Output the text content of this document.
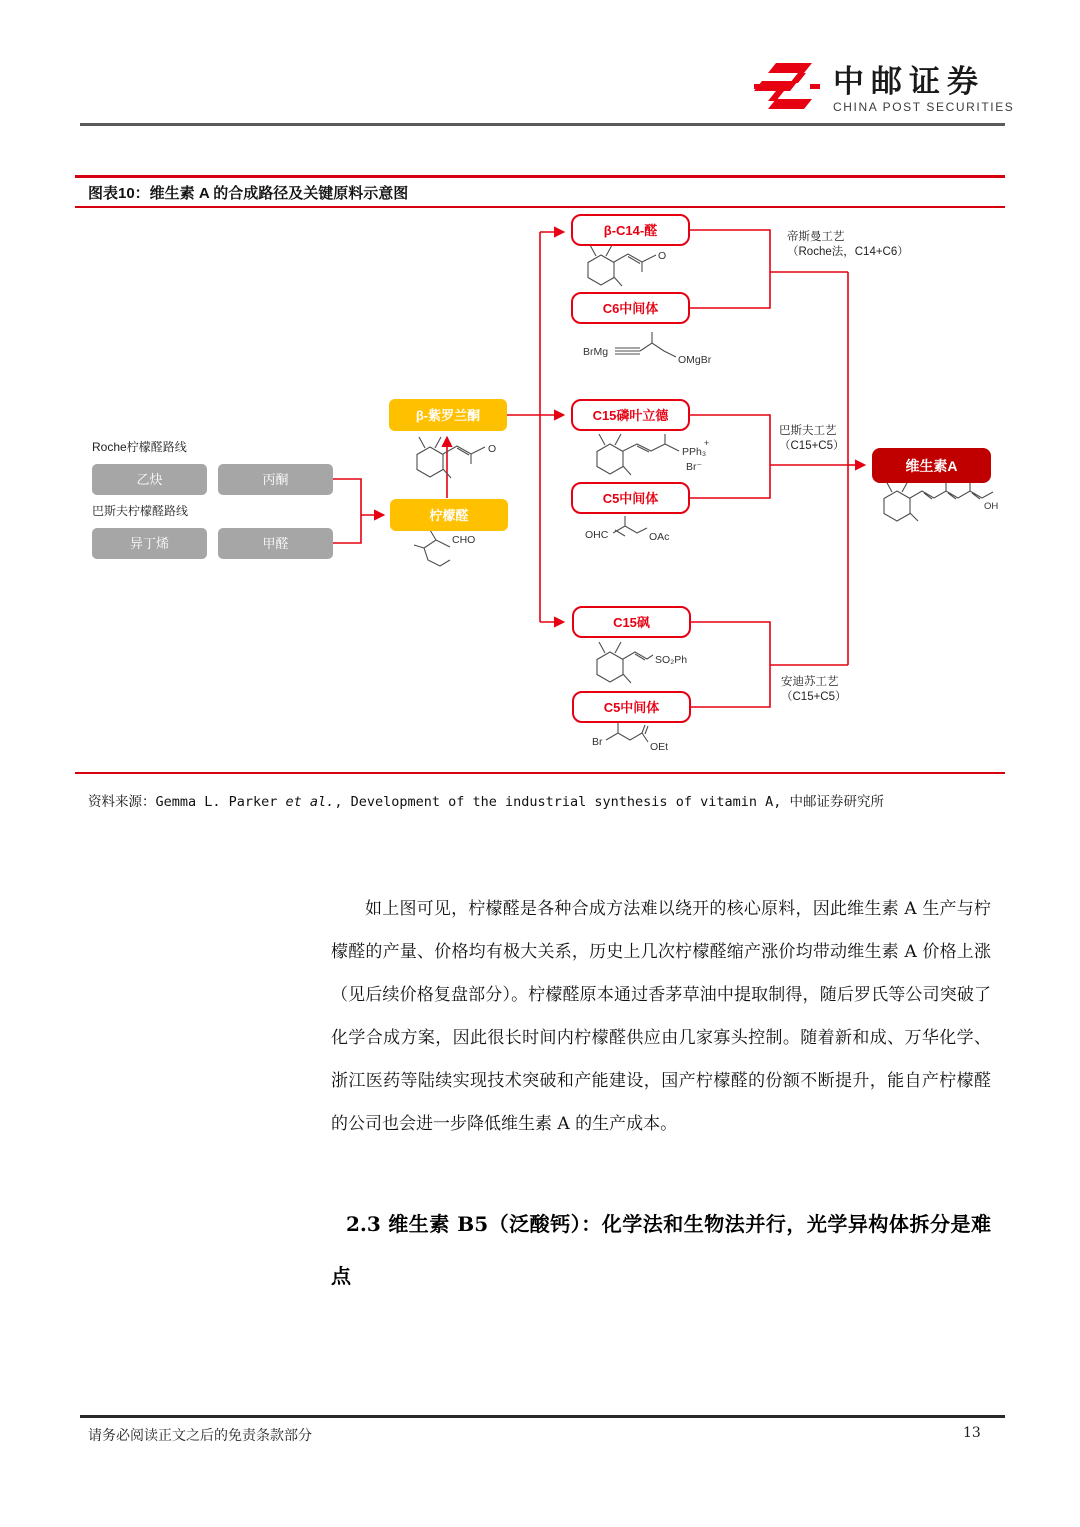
中邮证券
CHINA POST SECURITIES
图表10：维生素 A 的合成路径及关键原料示意图
O
BrMg
OMgBr
O
CHO
PPh₃
+
Br⁻
OHC	OAc
SO₂Ph
Br	OEt
OH
Roche柠檬醛路线
乙炔	丙酮
巴斯夫柠檬醛路线
异丁烯	甲醛
β-紫罗兰酮
柠檬醛
β-C14-醛
C6中间体
C15磷叶立德
C5中间体
C15砜
C5中间体
维生素A
帝斯曼工艺
（Roche法，C14+C6）
巴斯夫工艺
（C15+C5）
安迪苏工艺
（C15+C5）
资料来源：Gemma L. Parker et al., Development of the industrial synthesis of vitamin A, 中邮证券研究所
如上图可见，柠檬醛是各种合成方法难以绕开的核心原料，因此维生素 A 生产与柠檬醛的产量、价格均有极大关系，历史上几次柠檬醛缩产涨价均带动维生素 A 价格上涨（见后续价格复盘部分）。柠檬醛原本通过香茅草油中提取制得，随后罗氏等公司突破了化学合成方案，因此很长时间内柠檬醛供应由几家寡头控制。随着新和成、万华化学、浙江医药等陆续实现技术突破和产能建设，国产柠檬醛的份额不断提升，能自产柠檬醛的公司也会进一步降低维生素 A 的生产成本。
2.3 维生素 B5（泛酸钙）：化学法和生物法并行，光学异构体拆分是难点
请务必阅读正文之后的免责条款部分	13
